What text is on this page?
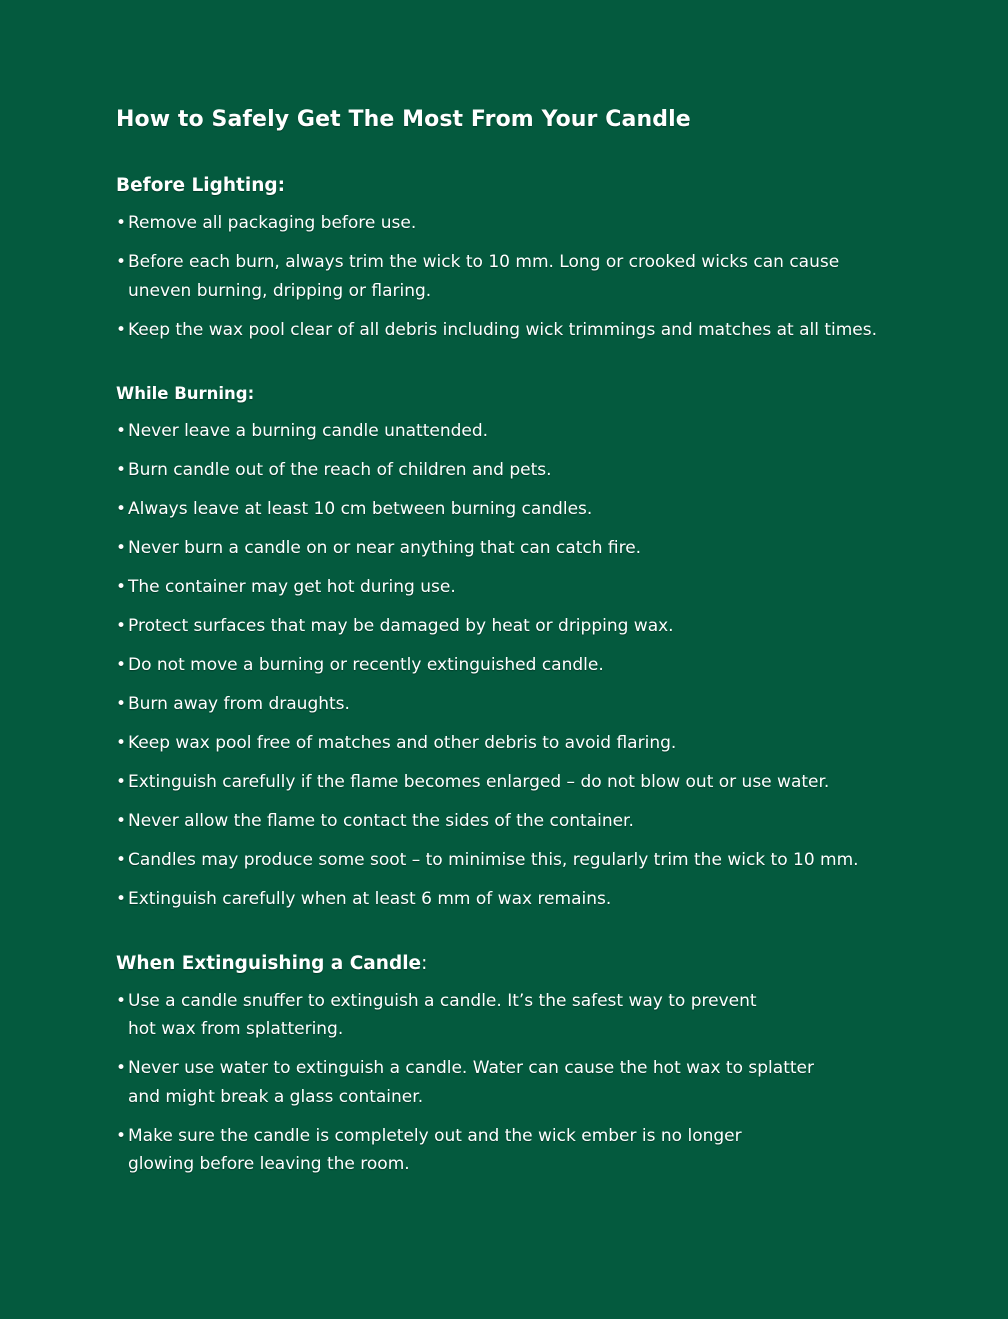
How to Safely Get The Most From Your Candle
Before Lighting:
• Remove all packaging before use.
• Before each burn, always trim the wick to 10 mm. Long or crooked wicks can cause uneven burning, dripping or flaring.
• Keep the wax pool clear of all debris including wick trimmings and matches at all times.
While Burning:
• Never leave a burning candle unattended.
• Burn candle out of the reach of children and pets.
• Always leave at least 10 cm between burning candles.
• Never burn a candle on or near anything that can catch fire.
• The container may get hot during use.
• Protect surfaces that may be damaged by heat or dripping wax.
• Do not move a burning or recently extinguished candle.
• Burn away from draughts.
• Keep wax pool free of matches and other debris to avoid flaring.
• Extinguish carefully if the flame becomes enlarged – do not blow out or use water.
• Never allow the flame to contact the sides of the container.
• Candles may produce some soot – to minimise this, regularly trim the wick to 10 mm.
• Extinguish carefully when at least 6 mm of wax remains.
When Extinguishing a Candle:
• Use a candle snuffer to extinguish a candle. It’s the safest way to prevent hot wax from splattering.
• Never use water to extinguish a candle. Water can cause the hot wax to splatter and might break a glass container.
• Make sure the candle is completely out and the wick ember is no longer glowing before leaving the room.
